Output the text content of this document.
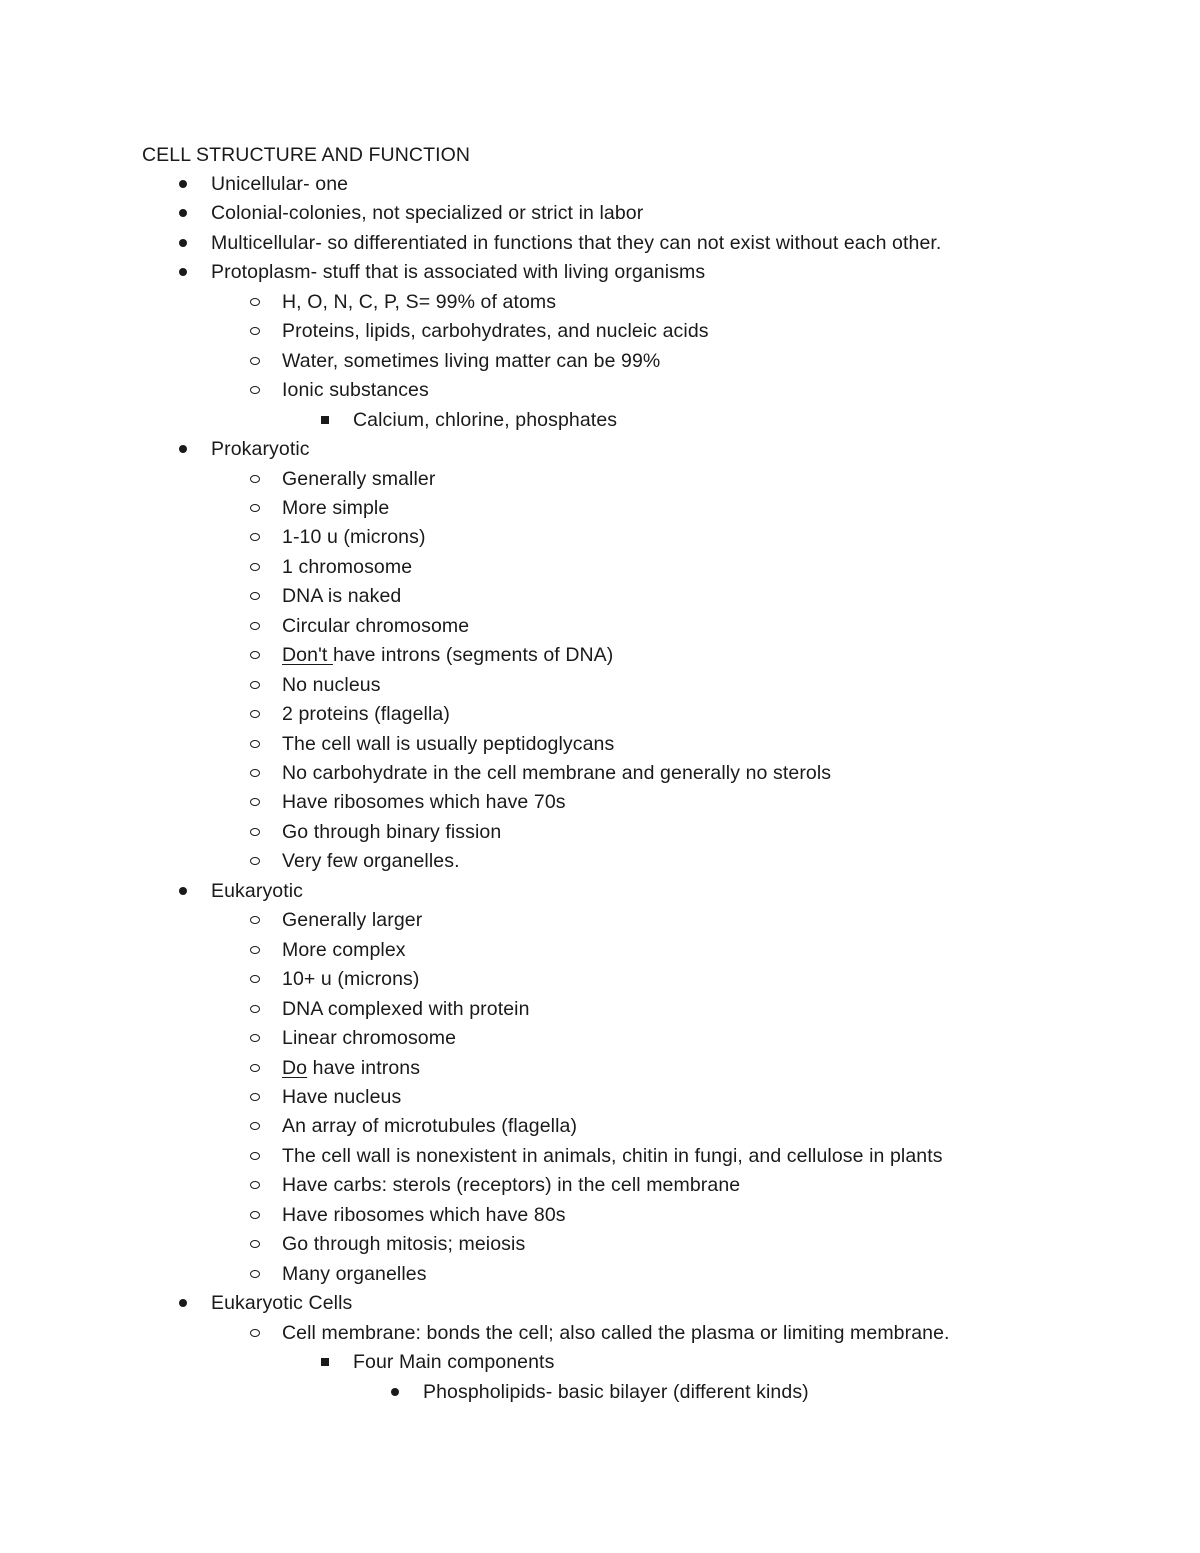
CELL STRUCTURE AND FUNCTION
Unicellular- one
Colonial-colonies, not specialized or strict in labor
Multicellular- so differentiated in functions that they can not exist without each other.
Protoplasm- stuff that is associated with living organisms
H, O, N, C, P, S= 99% of atoms
Proteins, lipids, carbohydrates, and nucleic acids
Water, sometimes living matter can be 99%
Ionic substances
Calcium, chlorine, phosphates
Prokaryotic
Generally smaller
More simple
1-10 u (microns)
1 chromosome
DNA is naked
Circular chromosome
Don't have introns (segments of DNA)
No nucleus
2 proteins (flagella)
The cell wall is usually peptidoglycans
No carbohydrate in the cell membrane and generally no sterols
Have ribosomes which have 70s
Go through binary fission
Very few organelles.
Eukaryotic
Generally larger
More complex
10+ u (microns)
DNA complexed with protein
Linear chromosome
Do have introns
Have nucleus
An array of microtubules (flagella)
The cell wall is nonexistent in animals, chitin in fungi, and cellulose in plants
Have carbs: sterols (receptors) in the cell membrane
Have ribosomes which have 80s
Go through mitosis; meiosis
Many organelles
Eukaryotic Cells
Cell membrane: bonds the cell; also called the plasma or limiting membrane.
Four Main components
Phospholipids- basic bilayer (different kinds)
